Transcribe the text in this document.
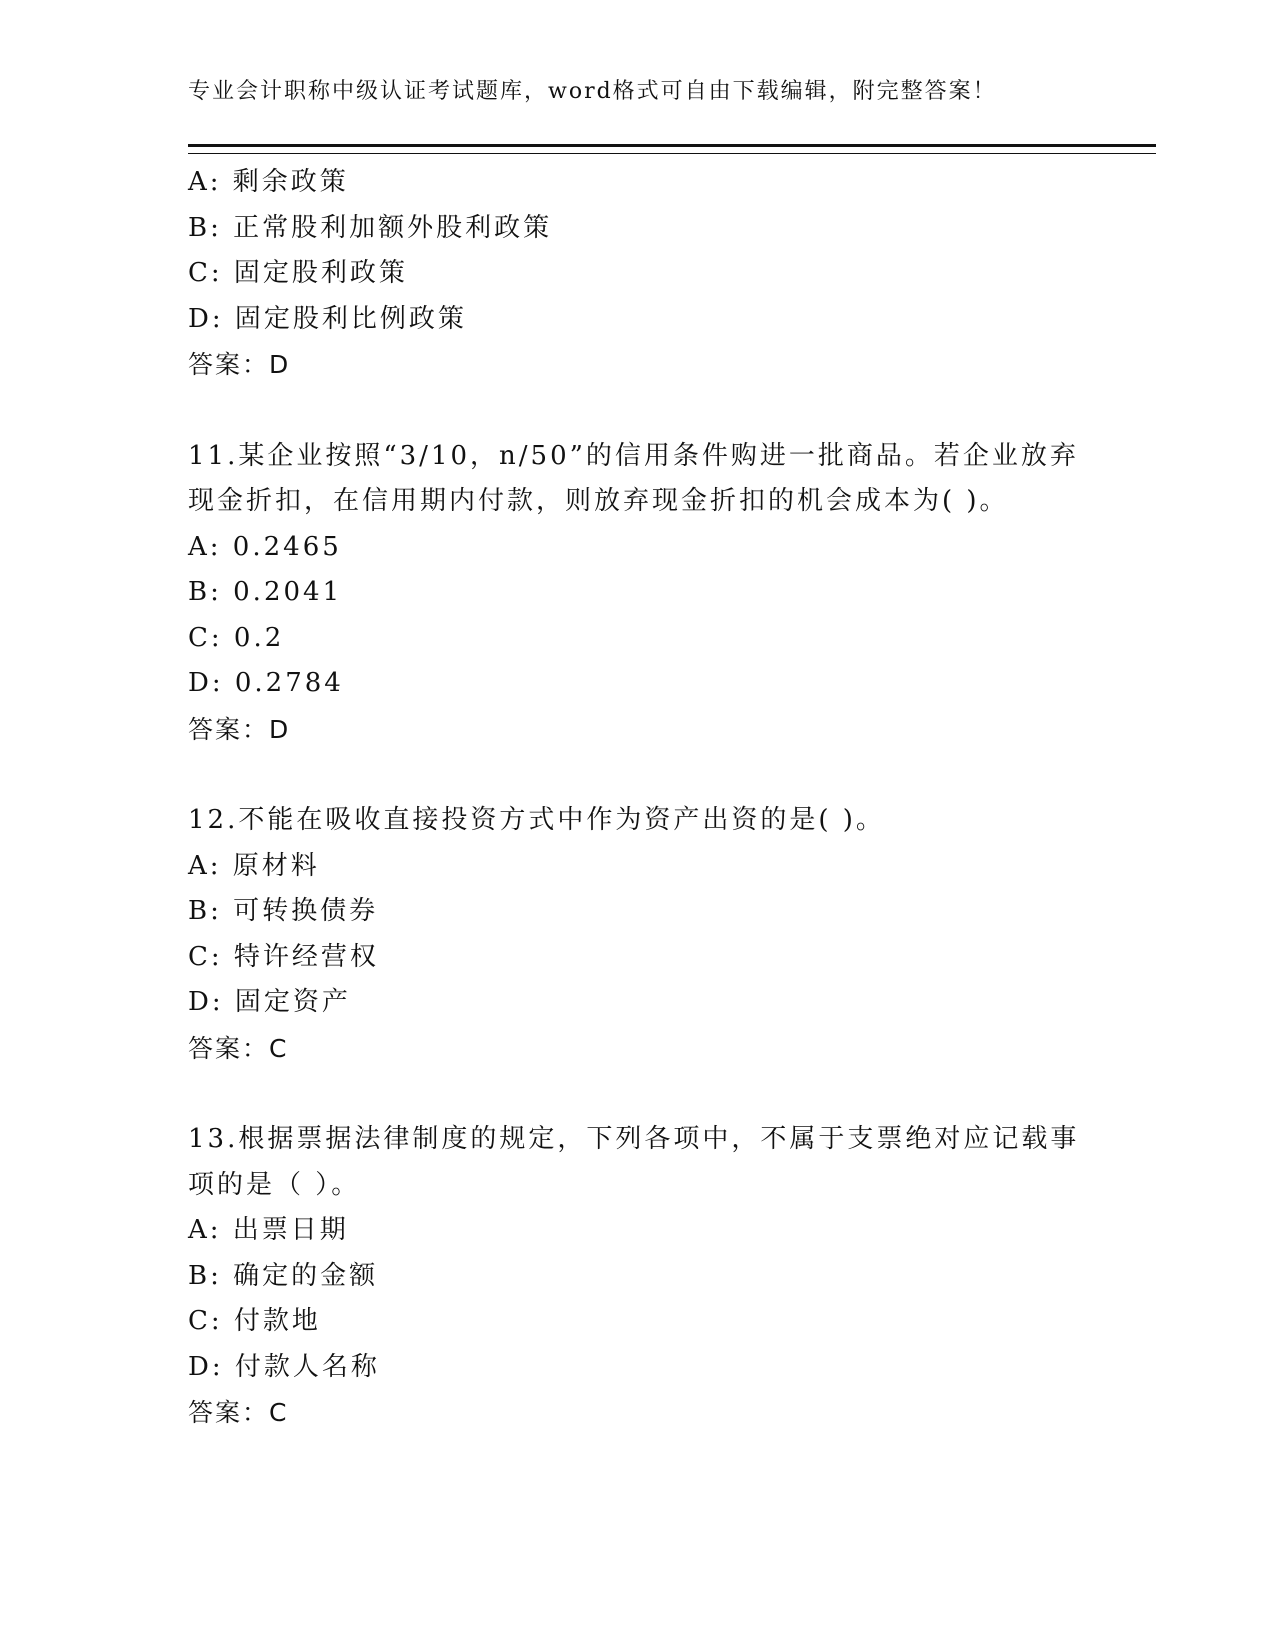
专业会计职称中级认证考试题库，word格式可自由下载编辑，附完整答案！
A: 剩余政策
B: 正常股利加额外股利政策
C: 固定股利政策
D: 固定股利比例政策
答案：D
11.某企业按照“3/10，n/50”的信用条件购进一批商品。若企业放弃
现金折扣，在信用期内付款，则放弃现金折扣的机会成本为( )。
A: 0.2465
B: 0.2041
C: 0.2
D: 0.2784
答案：D
12.不能在吸收直接投资方式中作为资产出资的是( )。
A: 原材料
B: 可转换债券
C: 特许经营权
D: 固定资产
答案：C
13.根据票据法律制度的规定，下列各项中，不属于支票绝对应记载事
项的是（ ）。
A: 出票日期
B: 确定的金额
C: 付款地
D: 付款人名称
答案：C
